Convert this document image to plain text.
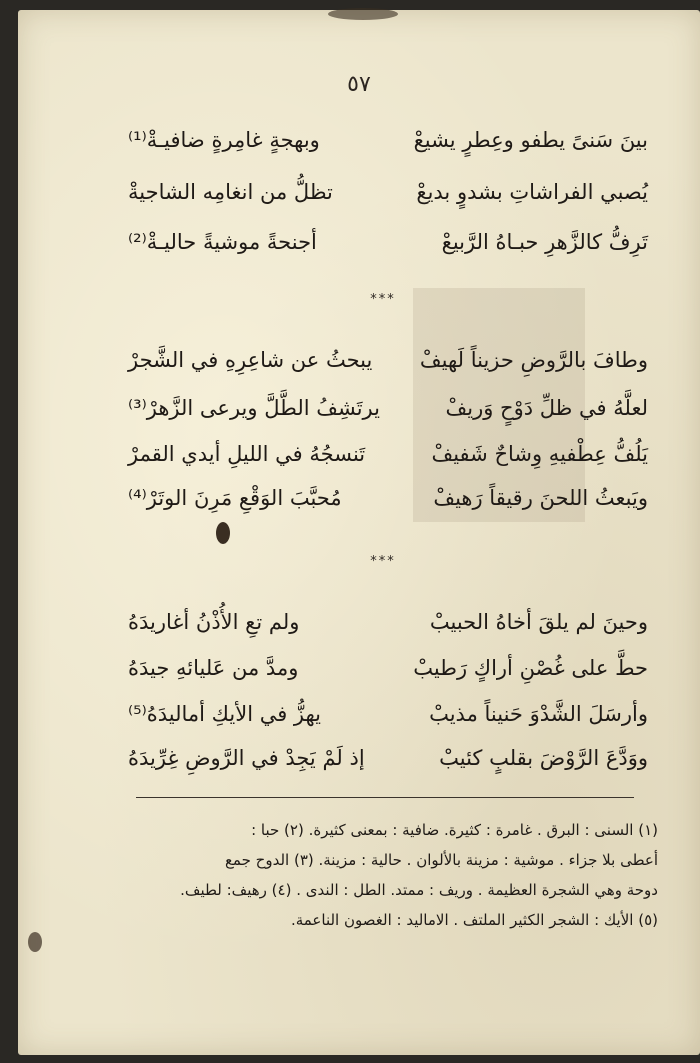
٥٧
بينَ سَنىً يطفو وعِطرٍ يشيعْ
وبهجةٍ غامِرةٍ ضافيـةْ⁽¹⁾
يُصبي الفراشاتِ بشدوٍ بديعْ
تظلُّ من انغامِه الشاجيةْ
تَرِفُّ كالزَّهرِ حبـاهُ الرَّبيعْ
أجنحةً موشيةً حاليـةْ⁽²⁾
***
وطافَ بالرَّوضِ حزيناً لَهيفْ
يبحثُ عن شاعِرِهِ في الشَّجرْ
لعلَّهُ في ظلِّ دَوْحٍ وَريفْ
يرتَشِفُ الطَّلَّ ويرعى الزَّهرْ⁽³⁾
يَلُفُّ عِطْفيهِ وِشاحٌ شَفيفْ
تَنسجُهُ في الليلِ أيدي القمرْ
ويَبعثُ اللحنَ رقيقاً رَهيفْ
مُحبَّبَ الوَقْعِ مَرِنَ الوتَرْ⁽⁴⁾
***
وحينَ لم يلقَ أخاهُ الحبيبْ
ولم تعِ الأُذْنُ أغاريدَهُ
حطَّ على غُصْنِ أراكٍ رَطيبْ
ومدَّ من عَليائهِ جيدَهُ
وأرسَلَ الشَّدْوَ حَنيناً مذيبْ
يهزُّ في الأيكِ أماليدَهُ⁽⁵⁾
ووَدَّعَ الرَّوْضَ بقلبٍ كئيبْ
إذ لَمْ يَجِدْ في الرَّوضِ غِرِّيدَهُ
(١) السنى : البرق . غامرة : كثيرة. ضافية : بمعنى كثيرة. (٢) حبا :
أعطى بلا جزاء . موشية : مزينة بالألوان . حالية : مزينة. (٣) الدوح جمع
دوحة وهي الشجرة العظيمة . وريف : ممتد. الطل : الندى . (٤) رهيف: لطيف.
(٥) الأيك : الشجر الكثير الملتف . الاماليد : الغصون الناعمة.
